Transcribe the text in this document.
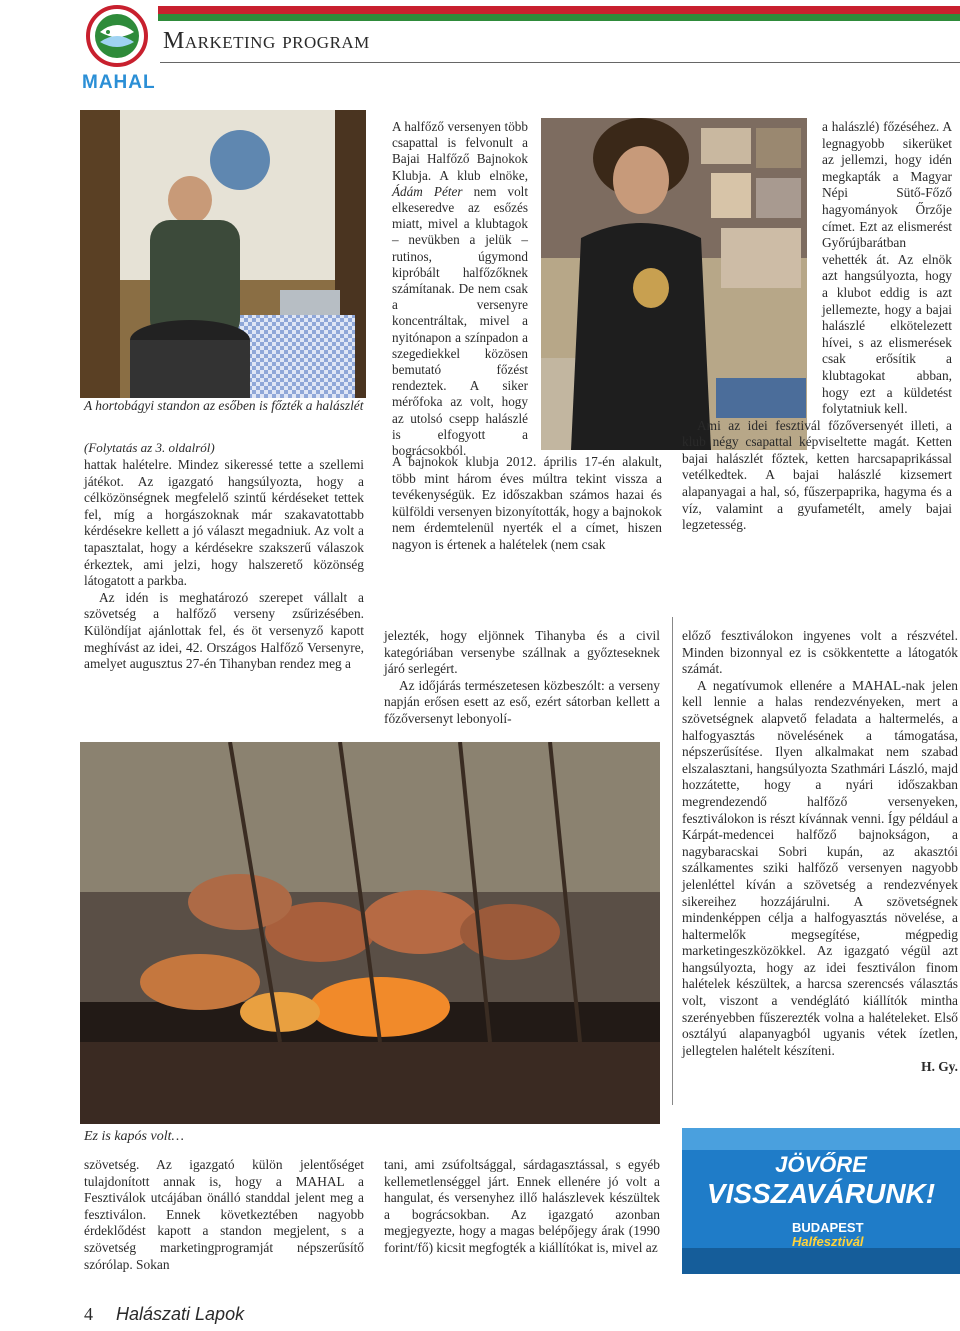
MAHAL
Marketing program
A hortobágyi standon az esőben is főzték a halászlét
(Folytatás az 3. oldalról)

hattak halételre. Mindez sikeressé tette a szellemi játékot. Az igazgató hangsúlyozta, hogy a célközönségnek megfelelő szintű kérdéseket tettek fel, míg a horgászoknak már szakavatottabb kérdésekre kellett a jó választ megadniuk. Az volt a tapasztalat, hogy a kérdésekre szakszerű válaszok érkeztek, ami jelzi, hogy halszerető közönség látogatott a parkba.

Az idén is meghatározó szerepet vállalt a szövetség a halfőző verseny zsűrizésében. Különdíjat ajánlottak fel, és öt versenyző kapott meghívást az idei, 42. Országos Halfőző Versenyre, amelyet augusztus 27-én Tihanyban rendez meg a

A halfőző versenyen több csapattal is felvonult a Bajai Halfőző Bajnokok Klubja. A klub elnöke, Ádám Péter nem volt elkeseredve az esőzés miatt, mivel a klubtagok – nevükben a jelük – rutinos, úgymond kipróbált halfőzőknek számítanak. De nem csak a versenyre koncentráltak, mivel a nyitónapon a színpadon a szegediekkel közösen bemutató főzést rendeztek. A siker mérőfoka az volt, hogy az utolsó csepp halászlé is elfogyott a bográcsokból.

a halászlé) főzéséhez. A legnagyobb sikerüket az jellemzi, hogy idén megkapták a Magyar Népi Sütő-Főző hagyományok Őrzője címet. Ezt az elismerést Győrújbarátban vehették át. Az elnök azt hangsúlyozta, hogy a klubot eddig is azt jellemezte, hogy a bajai halászlé elkötelezett hívei, s az elismerések csak erősítik a klubtagokat abban, hogy ezt a küldetést folytatniuk kell.

Ami az idei fesztivál főzőversenyét illeti, a klub négy csapattal képviseltette magát. Ketten bajai halászlét főztek, ketten harcsapaprikással vetélkedtek. A bajai halászlé kizsemert alapanyagai a hal, só, fűszerpaprika, hagyma és a víz, valamint a gyufametélt, amely bajai legzetesség.

A bajnokok klubja 2012. április 17-én alakult, több mint három éves múltra tekint vissza a tevékenységük. Ez időszakban számos hazai és külföldi versenyen bizonyították, hogy a bajnokok nem érdemtelenül nyerték el a címet, hiszen nagyon is értenek a halételek (nem csak

jelezték, hogy eljönnek Tihanyba és a civil kategóriában versenybe szállnak a győzteseknek járó serlegért.

Az időjárás természetesen közbeszólt: a verseny napján erősen esett az eső, ezért sátorban kellett a főzőversenyt lebonyolí-

előző fesztiválokon ingyenes volt a részvétel. Minden bizonnyal ez is csökkentette a látogatók számát.

A negatívumok ellenére a MAHAL-nak jelen kell lennie a halas rendezvényeken, mert a szövetségnek alapvető feladata a haltermelés, a halfogyasztás növelésének a támogatása, népszerűsítése. Ilyen alkalmakat nem szabad elszalasztani, hangsúlyozta Szathmári László, majd hozzátette, hogy a nyári időszakban megrendezendő halfőző versenyeken, fesztiválokon is részt kívánnak venni. Így például a Kárpát-medencei halfőző bajnokságon, a nagybaracskai Sobri kupán, az akasztói szálkamentes sziki halfőző versenyen nagyobb jelenléttel kíván a szövetség a rendezvények sikereihez hozzájárulni. A szövetségnek mindenképpen célja a halfogyasztás növelése, a haltermelők megsegítése, mégpedig marketingeszközökkel. Az igazgató végül azt hangsúlyozta, hogy az idei fesztiválon finom halételek készültek, a harcsa szerencsés választás volt, viszont a vendéglátó kiállítók mintha szerényebben fűszerezték volna a halételeket. Első osztályú alapanyagból ugyanis vétek ízetlen, jellegtelen halételt készíteni.

H. Gy.

Ez is kapós volt…

szövetség. Az igazgató külön jelentőséget tulajdonított annak is, hogy a MAHAL a Fesztiválok utcájában önálló standdal jelent meg a fesztiválon. Ennek következtében nagyobb érdeklődést kapott a standon megjelent, s a szövetség marketingprogramját népszerűsítő szórólap. Sokan

tani, ami zsúfoltsággal, sárdagasztással, s egyéb kellemetlenséggel járt. Ennek ellenére jó volt a hangulat, és versenyhez illő halászlevek készültek a bográcsokban. Az igazgató azonban megjegyezte, hogy a magas belépőjegy árak (1990 forint/fő) kicsit megfogték a kiállítókat is, mivel az

JÖVŐRE
VISSZAVÁRUNK!
BUDAPEST
Halfesztivál
4 Halászati Lapok
